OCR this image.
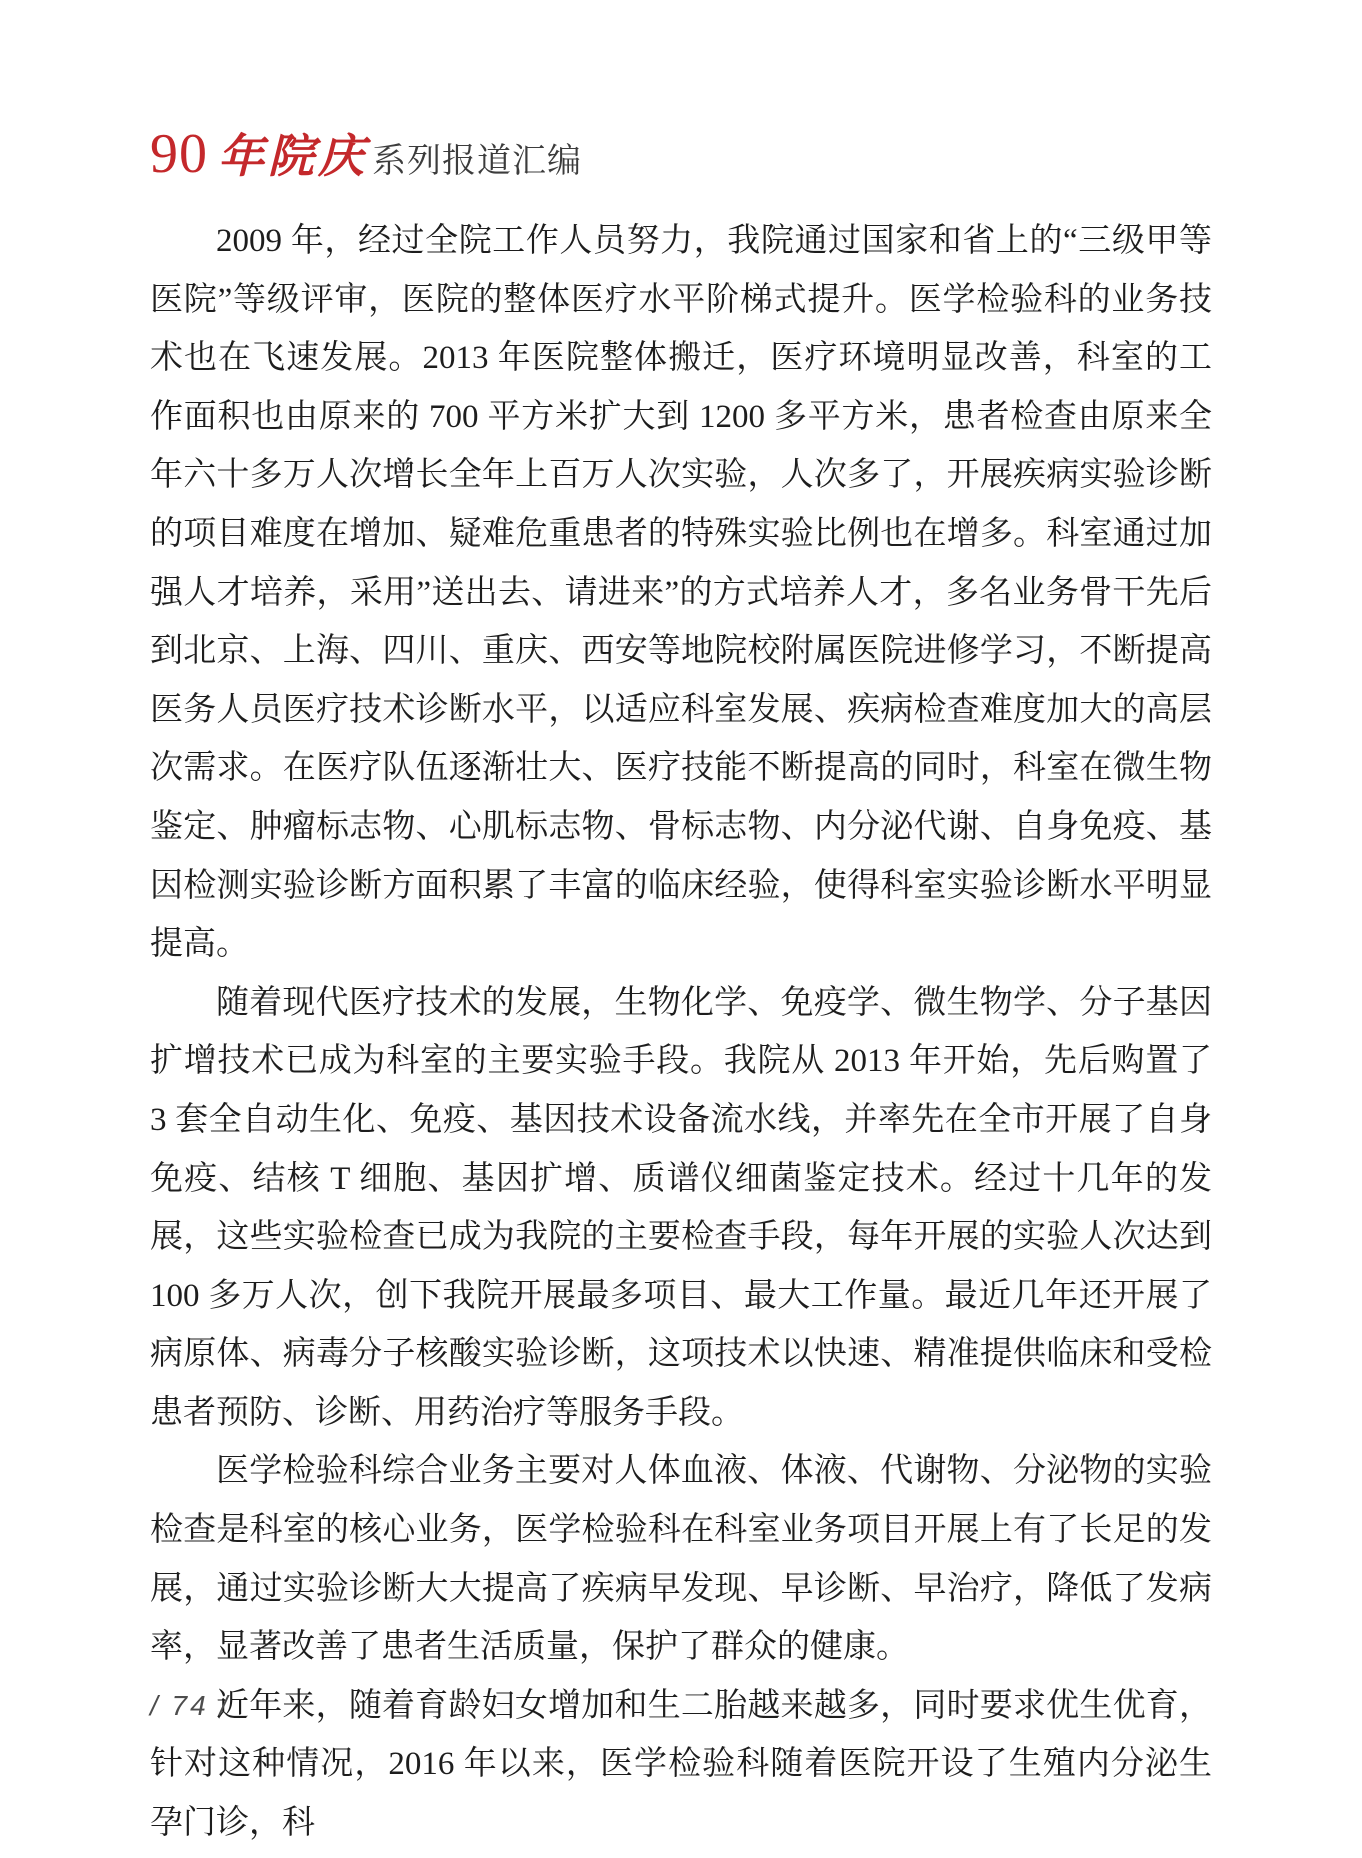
90 年院庆 系列报道汇编

2009 年，经过全院工作人员努力，我院通过国家和省上的“三级甲等医院”等级评审，医院的整体医疗水平阶梯式提升。医学检验科的业务技术也在飞速发展。2013 年医院整体搬迁，医疗环境明显改善，科室的工作面积也由原来的 700 平方米扩大到 1200 多平方米，患者检查由原来全年六十多万人次增长全年上百万人次实验，人次多了，开展疾病实验诊断的项目难度在增加、疑难危重患者的特殊实验比例也在增多。科室通过加强人才培养，采用”送出去、请进来”的方式培养人才，多名业务骨干先后到北京、上海、四川、重庆、西安等地院校附属医院进修学习，不断提高医务人员医疗技术诊断水平，以适应科室发展、疾病检查难度加大的高层次需求。在医疗队伍逐渐壮大、医疗技能不断提高的同时，科室在微生物鉴定、肿瘤标志物、心肌标志物、骨标志物、内分泌代谢、自身免疫、基因检测实验诊断方面积累了丰富的临床经验，使得科室实验诊断水平明显提高。

随着现代医疗技术的发展，生物化学、免疫学、微生物学、分子基因扩增技术已成为科室的主要实验手段。我院从 2013 年开始，先后购置了 3 套全自动生化、免疫、基因技术设备流水线，并率先在全市开展了自身免疫、结核 T 细胞、基因扩增、质谱仪细菌鉴定技术。经过十几年的发展，这些实验检查已成为我院的主要检查手段，每年开展的实验人次达到 100 多万人次，创下我院开展最多项目、最大工作量。最近几年还开展了病原体、病毒分子核酸实验诊断，这项技术以快速、精准提供临床和受检患者预防、诊断、用药治疗等服务手段。

医学检验科综合业务主要对人体血液、体液、代谢物、分泌物的实验检查是科室的核心业务，医学检验科在科室业务项目开展上有了长足的发展，通过实验诊断大大提高了疾病早发现、早诊断、早治疗，降低了发病率，显著改善了患者生活质量，保护了群众的健康。

近年来，随着育龄妇女增加和生二胎越来越多，同时要求优生优育，针对这种情况，2016 年以来，医学检验科随着医院开设了生殖内分泌生孕门诊，科

/ 74 /
